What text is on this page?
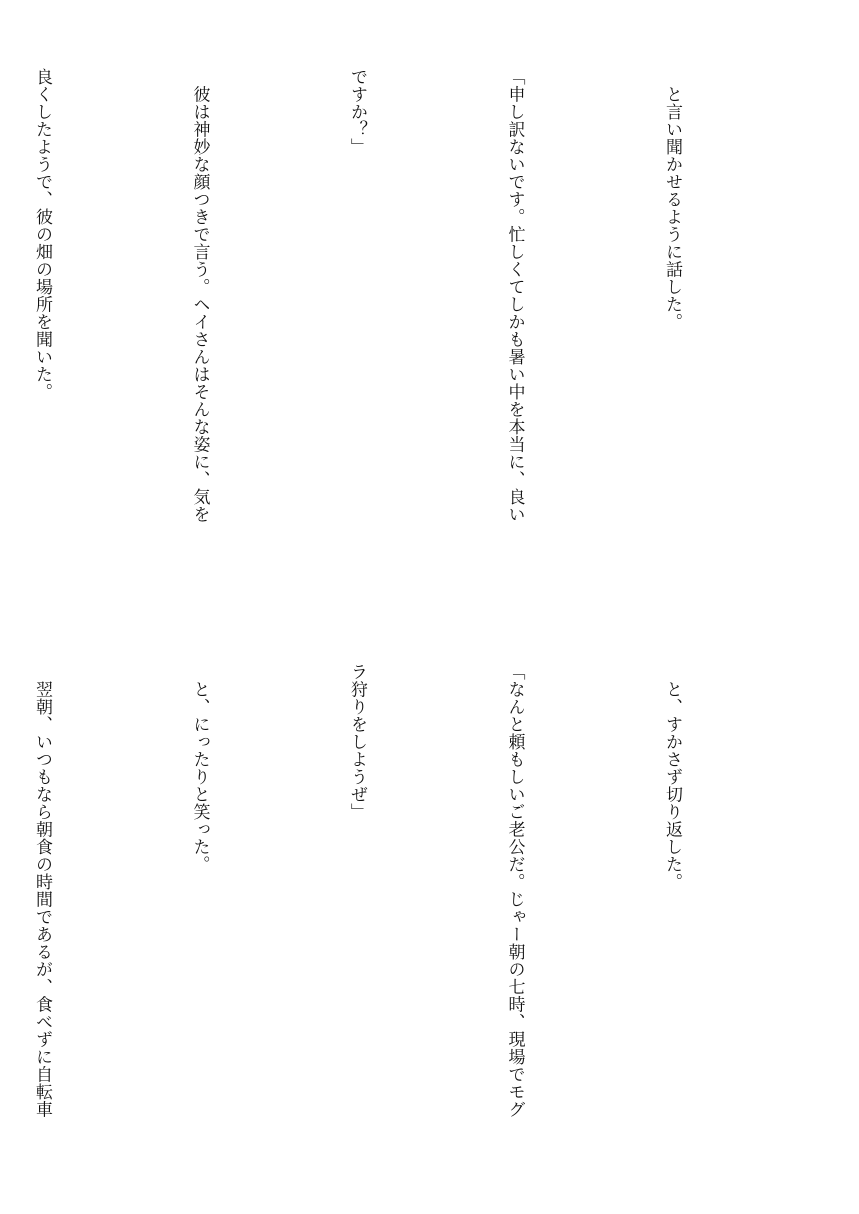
　と言い聞かせるように話した。

「申し訳ないです。忙しくてしかも暑い中を本当に、良い

ですか？」

　彼は神妙な顔つきで言う。ヘイさんはそんな姿に、気を

良くしたようで、彼の畑の場所を聞いた。

　と、すかさず切り返した。

「なんと頼もしいご老公だ。じゃー朝の七時、現場でモグ

ラ狩りをしようぜ」

　と、にったりと笑った。

　翌朝、いつもなら朝食の時間であるが、食べずに自転車
